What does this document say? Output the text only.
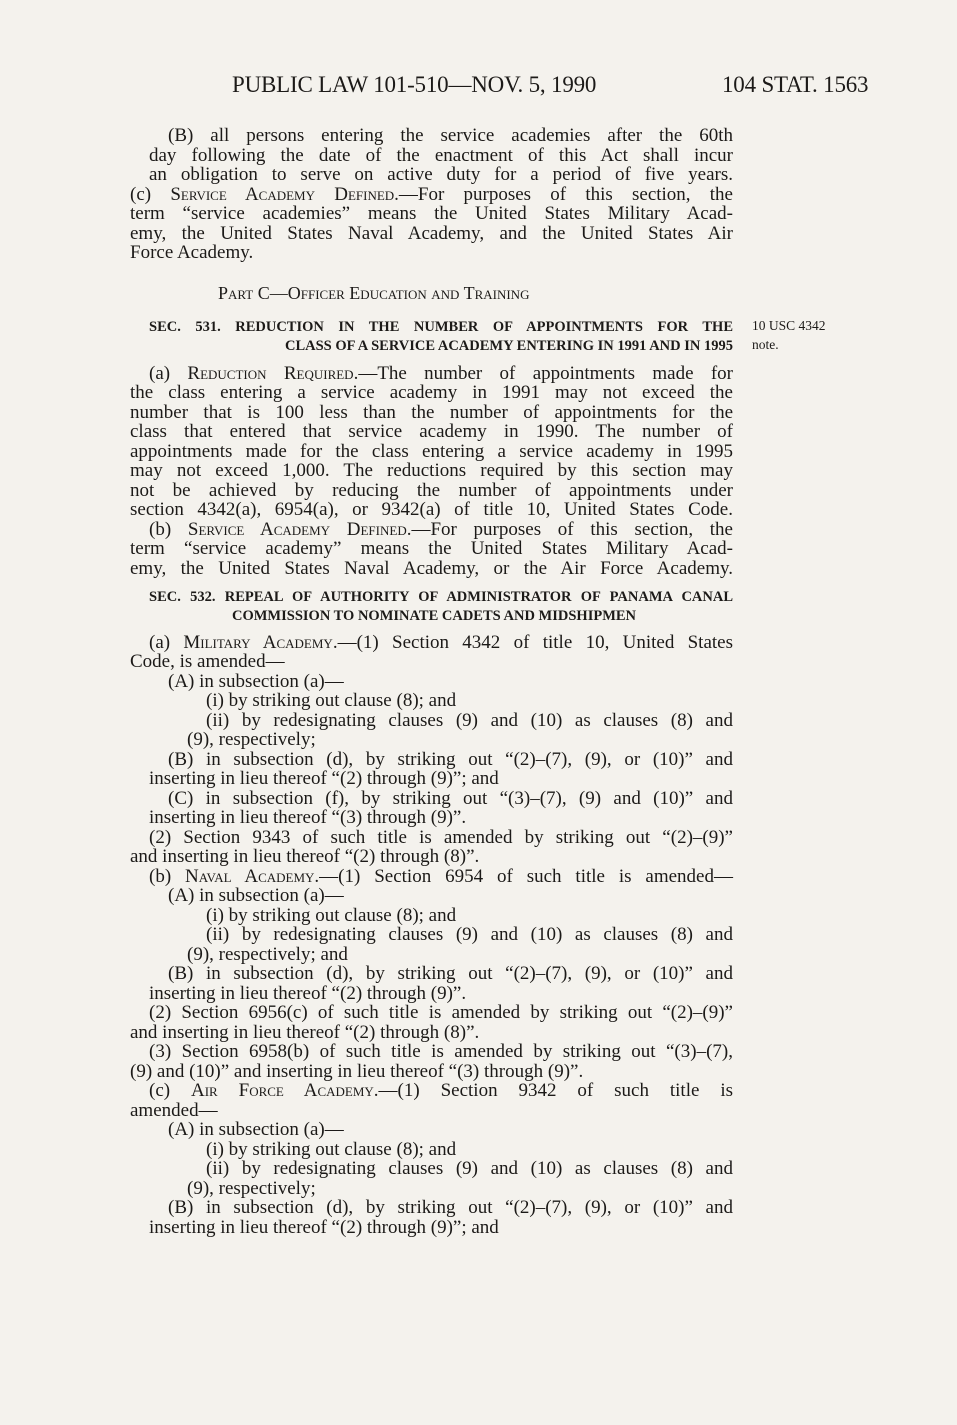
PUBLIC LAW 101-510—NOV. 5, 1990	104 STAT. 1563
Part C—Officer Education and Training
SEC. 531. REDUCTION IN THE NUMBER OF APPOINTMENTS FOR THE
CLASS OF A SERVICE ACADEMY ENTERING IN 1991 AND IN 1995
10 USC 4342
note.
SEC. 532. REPEAL OF AUTHORITY OF ADMINISTRATOR OF PANAMA CANAL
COMMISSION TO NOMINATE CADETS AND MIDSHIPMEN
(B) all persons entering the service academies after the 60th
day following the date of the enactment of this Act shall incur
an obligation to serve on active duty for a period of five years.
(c) Service Academy Defined.—For purposes of this section, the
term “service academies” means the United States Military Acad-
emy, the United States Naval Academy, and the United States Air
Force Academy.
(a) Reduction Required.—The number of appointments made for
the class entering a service academy in 1991 may not exceed the
number that is 100 less than the number of appointments for the
class that entered that service academy in 1990. The number of
appointments made for the class entering a service academy in 1995
may not exceed 1,000. The reductions required by this section may
not be achieved by reducing the number of appointments under
section 4342(a), 6954(a), or 9342(a) of title 10, United States Code.
(b) Service Academy Defined.—For purposes of this section, the
term “service academy” means the United States Military Acad-
emy, the United States Naval Academy, or the Air Force Academy.
(a) Military Academy.—(1) Section 4342 of title 10, United States
Code, is amended—
(A) in subsection (a)—
(i) by striking out clause (8); and
(ii) by redesignating clauses (9) and (10) as clauses (8) and
(9), respectively;
(B) in subsection (d), by striking out “(2)–(7), (9), or (10)” and
inserting in lieu thereof “(2) through (9)”; and
(C) in subsection (f), by striking out “(3)–(7), (9) and (10)” and
inserting in lieu thereof “(3) through (9)”.
(2) Section 9343 of such title is amended by striking out “(2)–(9)”
and inserting in lieu thereof “(2) through (8)”.
(b) Naval Academy.—(1) Section 6954 of such title is amended—
(A) in subsection (a)—
(i) by striking out clause (8); and
(ii) by redesignating clauses (9) and (10) as clauses (8) and
(9), respectively; and
(B) in subsection (d), by striking out “(2)–(7), (9), or (10)” and
inserting in lieu thereof “(2) through (9)”.
(2) Section 6956(c) of such title is amended by striking out “(2)–(9)”
and inserting in lieu thereof “(2) through (8)”.
(3) Section 6958(b) of such title is amended by striking out “(3)–(7),
(9) and (10)” and inserting in lieu thereof “(3) through (9)”.
(c) Air Force Academy.—(1) Section 9342 of such title is
amended—
(A) in subsection (a)—
(i) by striking out clause (8); and
(ii) by redesignating clauses (9) and (10) as clauses (8) and
(9), respectively;
(B) in subsection (d), by striking out “(2)–(7), (9), or (10)” and
inserting in lieu thereof “(2) through (9)”; and
